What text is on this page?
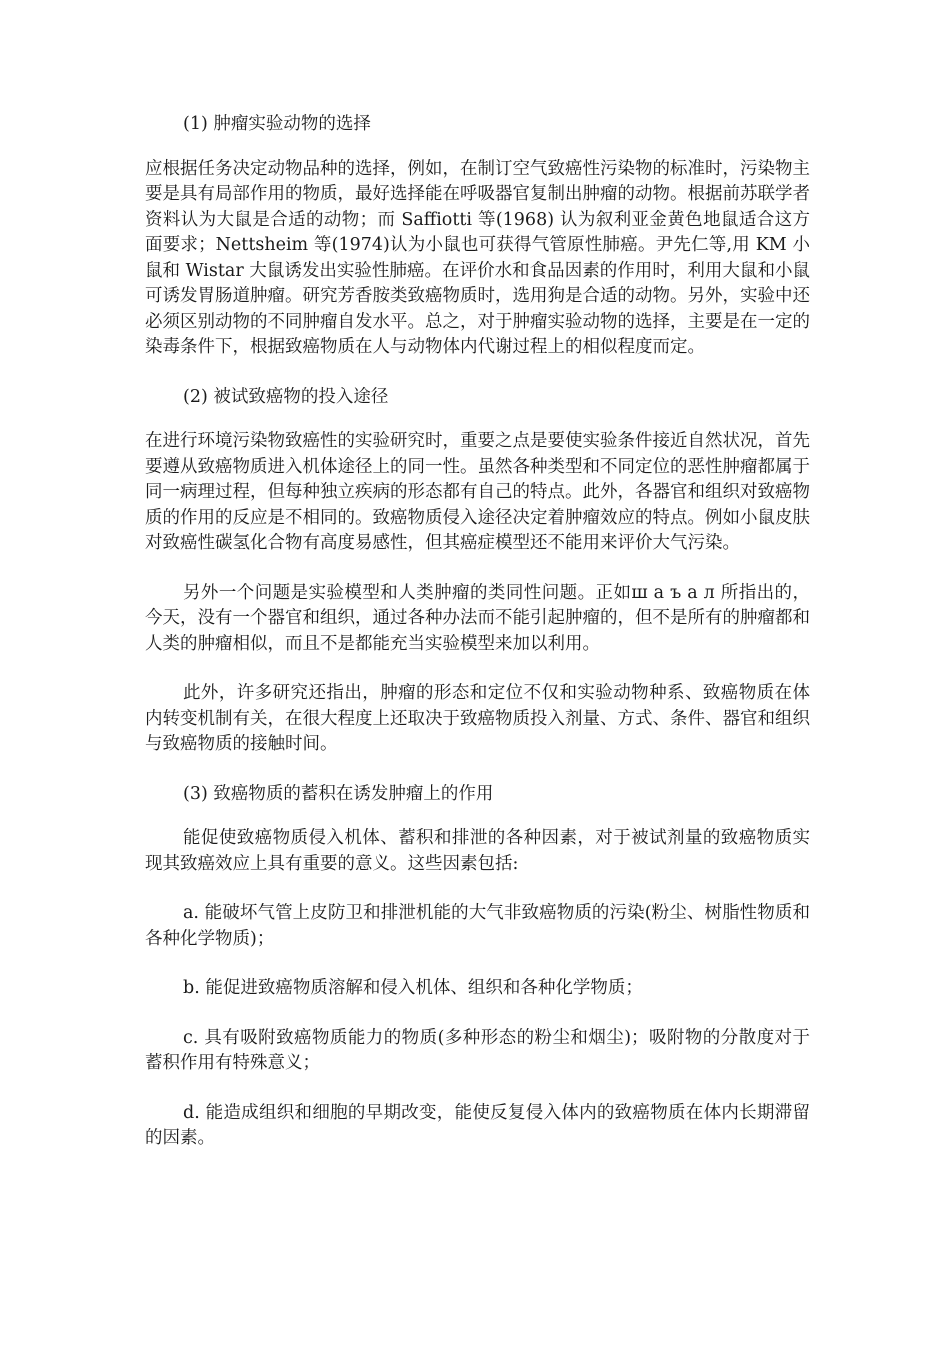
(1) 肿瘤实验动物的选择

应根据任务决定动物品种的选择，例如，在制订空气致癌性污染物的标准时，污染物主要是具有局部作用的物质，最好选择能在呼吸器官复制出肿瘤的动物。根据前苏联学者资料认为大鼠是合适的动物；而 Saffiotti 等(1968) 认为叙利亚金黄色地鼠适合这方面要求；Nettsheim 等(1974)认为小鼠也可获得气管原性肺癌。尹先仁等,用 KM 小鼠和 Wistar 大鼠诱发出实验性肺癌。在评价水和食品因素的作用时，利用大鼠和小鼠可诱发胃肠道肿瘤。研究芳香胺类致癌物质时，选用狗是合适的动物。另外，实验中还必须区别动物的不同肿瘤自发水平。总之，对于肿瘤实验动物的选择，主要是在一定的染毒条件下，根据致癌物质在人与动物体内代谢过程上的相似程度而定。

(2) 被试致癌物的投入途径

在进行环境污染物致癌性的实验研究时，重要之点是要使实验条件接近自然状况，首先要遵从致癌物质进入机体途径上的同一性。虽然各种类型和不同定位的恶性肿瘤都属于同一病理过程，但每种独立疾病的形态都有自己的特点。此外，各器官和组织对致癌物质的作用的反应是不相同的。致癌物质侵入途径决定着肿瘤效应的特点。例如小鼠皮肤对致癌性碳氢化合物有高度易感性，但其癌症模型还不能用来评价大气污染。

另外一个问题是实验模型和人类肿瘤的类同性问题。正如ш а ъ а л 所指出的，今天，没有一个器官和组织，通过各种办法而不能引起肿瘤的，但不是所有的肿瘤都和人类的肿瘤相似，而且不是都能充当实验模型来加以利用。

此外，许多研究还指出，肿瘤的形态和定位不仅和实验动物种系、致癌物质在体内转变机制有关，在很大程度上还取决于致癌物质投入剂量、方式、条件、器官和组织与致癌物质的接触时间。

(3) 致癌物质的蓄积在诱发肿瘤上的作用

能促使致癌物质侵入机体、蓄积和排泄的各种因素，对于被试剂量的致癌物质实现其致癌效应上具有重要的意义。这些因素包括:

a. 能破坏气管上皮防卫和排泄机能的大气非致癌物质的污染(粉尘、树脂性物质和各种化学物质)；

b. 能促进致癌物质溶解和侵入机体、组织和各种化学物质；

c. 具有吸附致癌物质能力的物质(多种形态的粉尘和烟尘)；吸附物的分散度对于蓄积作用有特殊意义；

d. 能造成组织和细胞的早期改变，能使反复侵入体内的致癌物质在体内长期滞留的因素。
